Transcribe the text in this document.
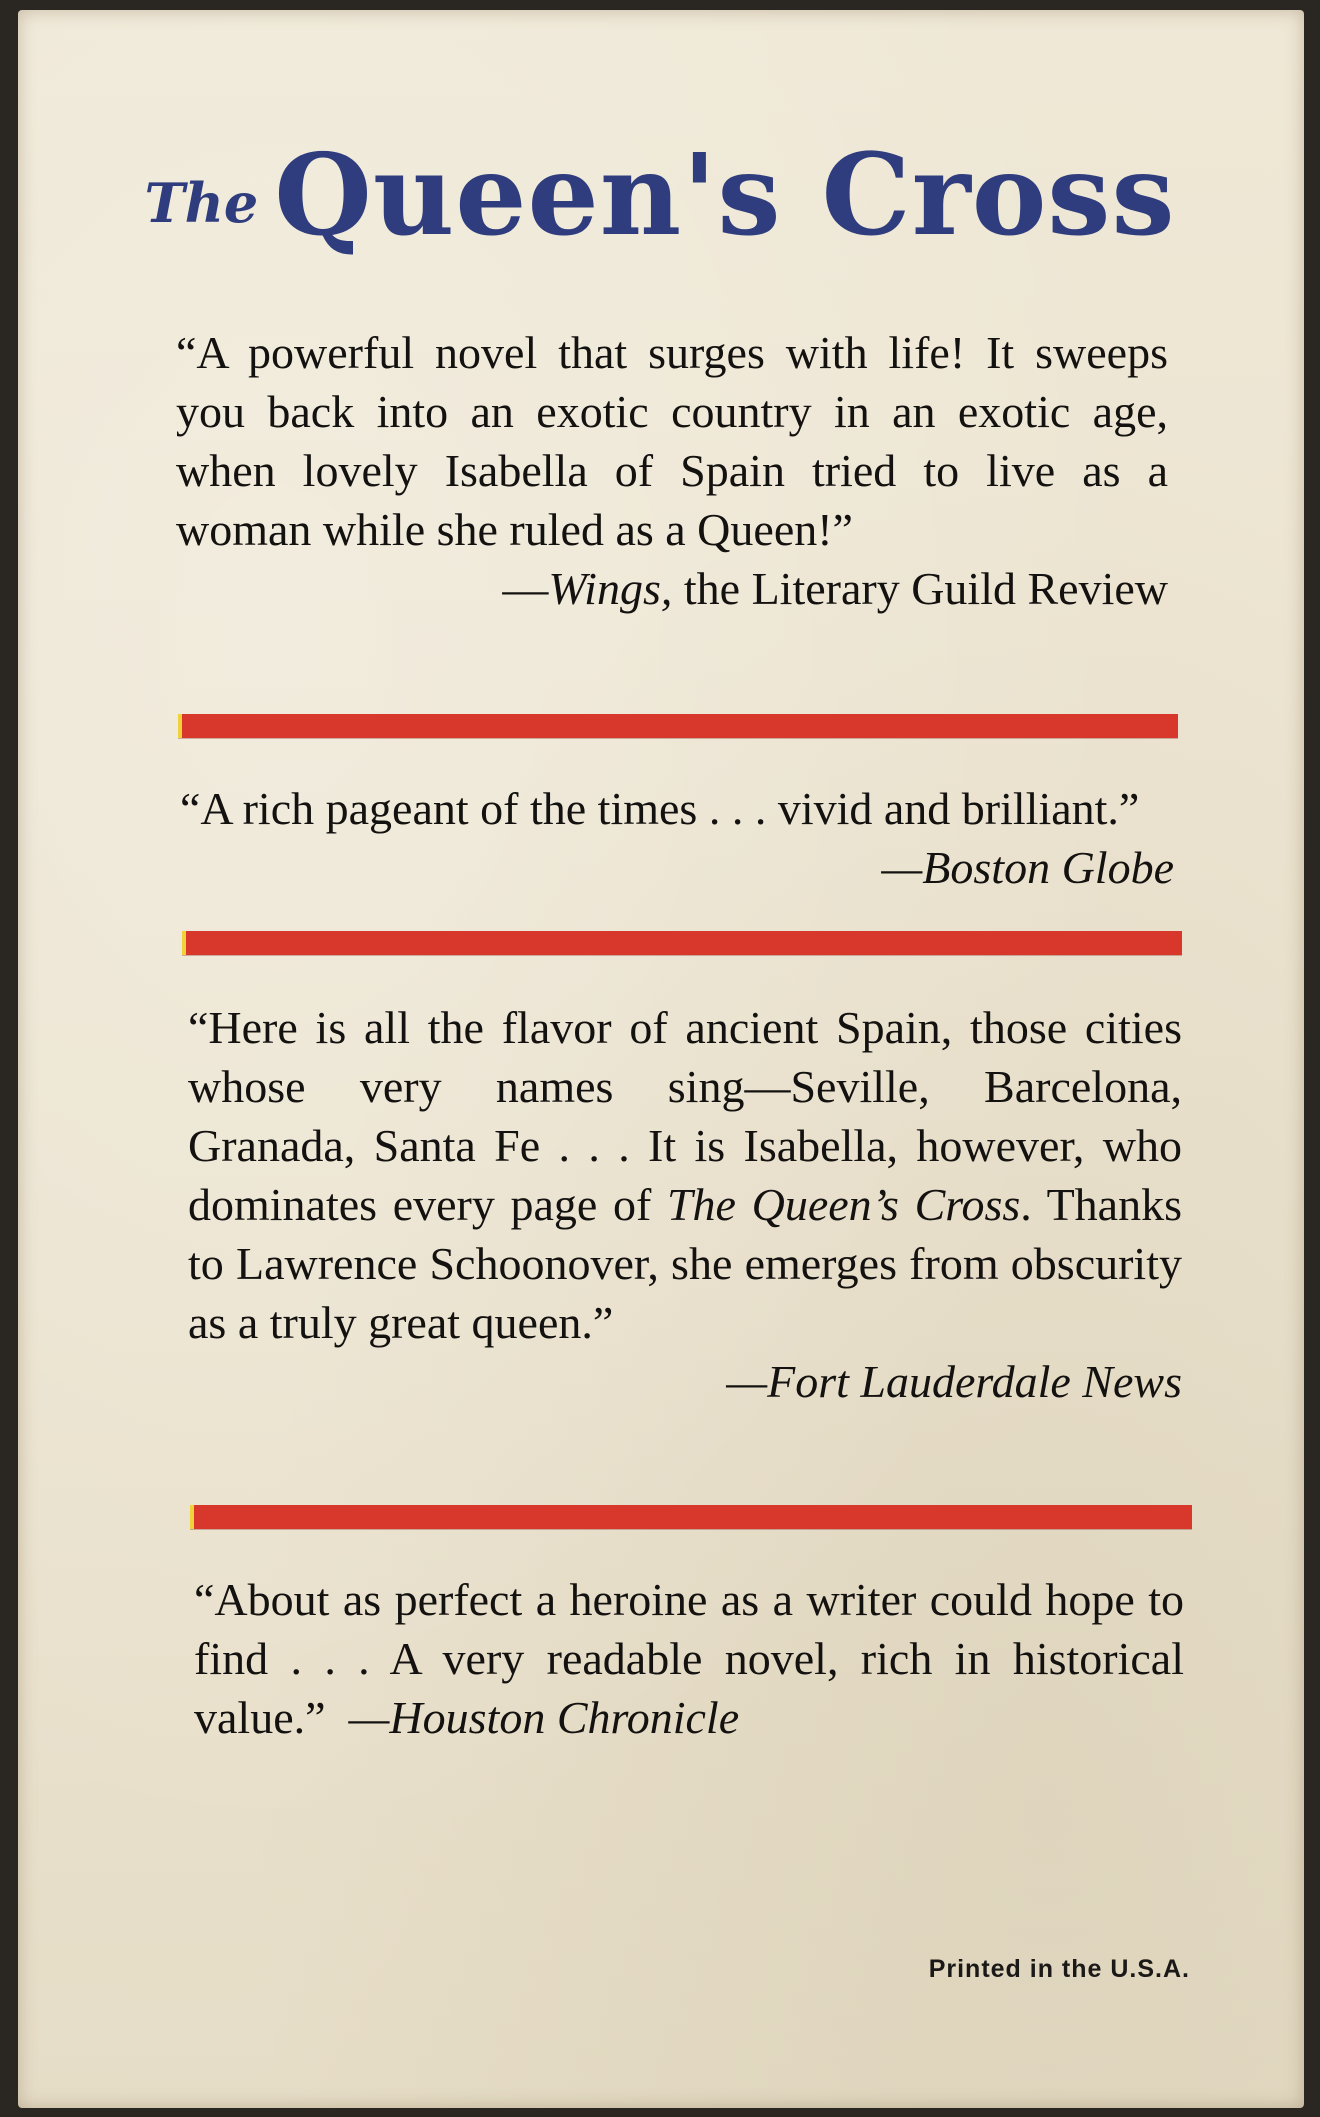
The Queen's Cross

“A powerful novel that surges with life! It sweeps you back into an exotic country in an exotic age, when lovely Isabella of Spain tried to live as a woman while she ruled as a Queen!”

—Wings, the Literary Guild Review

“A rich pageant of the times . . . vivid and brilliant.”

—Boston Globe

“Here is all the flavor of ancient Spain, those cities whose very names sing—Seville, Barcelona, Granada, Santa Fe . . . It is Isabella, however, who dominates every page of The Queen’s Cross. Thanks to Lawrence Schoonover, she emerges from obscurity as a truly great queen.”

—Fort Lauderdale News

“About as perfect a heroine as a writer could hope to find . . . A very readable novel, rich in historical value.” —Houston Chronicle

Printed in the U.S.A.
